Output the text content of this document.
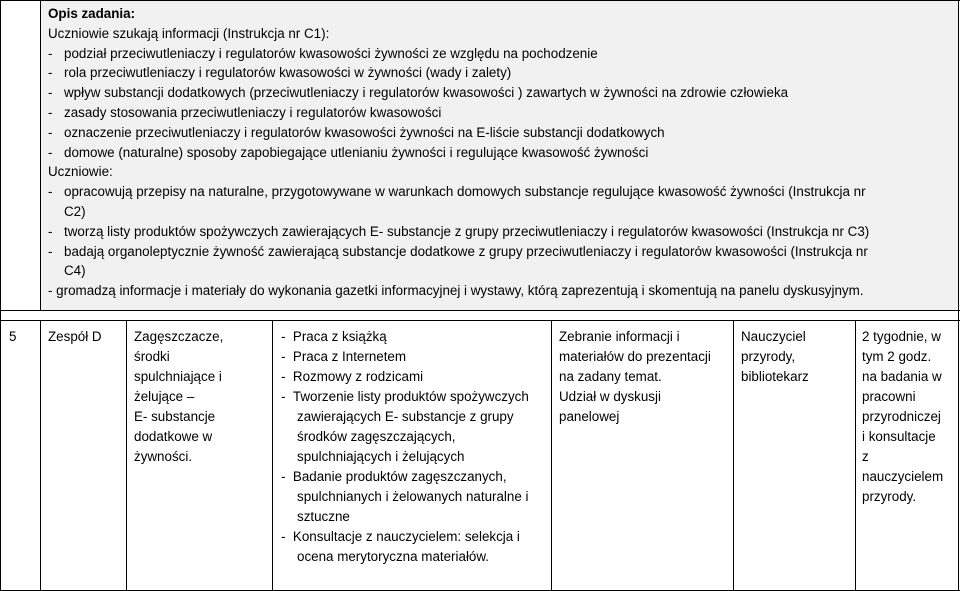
Opis zadania:
Uczniowie szukają informacji (Instrukcja nr C1):
- podział przeciwutleniaczy i regulatorów kwasowości żywności ze względu na pochodzenie
- rola przeciwutleniaczy i regulatorów kwasowości w żywności (wady i zalety)
- wpływ substancji dodatkowych (przeciwutleniaczy i regulatorów kwasowości ) zawartych w żywności na zdrowie człowieka
- zasady stosowania przeciwutleniaczy i regulatorów kwasowości
- oznaczenie przeciwutleniaczy i regulatorów kwasowości żywności na E-liście substancji dodatkowych
- domowe (naturalne) sposoby zapobiegające utlenianiu żywności i regulujące kwasowość żywności
Uczniowie:
- opracowują przepisy na naturalne, przygotowywane w warunkach domowych substancje regulujące kwasowość żywności (Instrukcja nr
C2)
- tworzą listy produktów spożywczych zawierających E- substancje z grupy przeciwutleniaczy i regulatorów kwasowości (Instrukcja nr C3)
- badają organoleptycznie żywność zawierającą substancje dodatkowe z grupy przeciwutleniaczy i regulatorów kwasowości (Instrukcja nr
C4)
- gromadzą informacje i materiały do wykonania gazetki informacyjnej i wystawy, którą zaprezentują i skomentują na panelu dyskusyjnym.
5 Zespół D Zagęszczacze,
środki
spulchniające i
żelujące –
E- substancje
dodatkowe w
żywności.
-  Praca z książką
-  Praca z Internetem
-  Rozmowy z rodzicami
-  Tworzenie listy produktów spożywczych zawierających E- substancje z grupy środków zagęszczających, spulchniających i żelujących
-  Badanie produktów zagęszczanych, spulchnianych i żelowanych naturalne i sztuczne
-  Konsultacje z nauczycielem: selekcja i ocena merytoryczna materiałów.
Zebranie informacji i
materiałów do prezentacji
na zadany temat.
Udział w dyskusji
panelowej
Nauczyciel
przyrody,
bibliotekarz
2 tygodnie, w
tym 2 godz.
na badania w
pracowni
przyrodniczej
i konsultacje
z
nauczycielem
przyrody.
